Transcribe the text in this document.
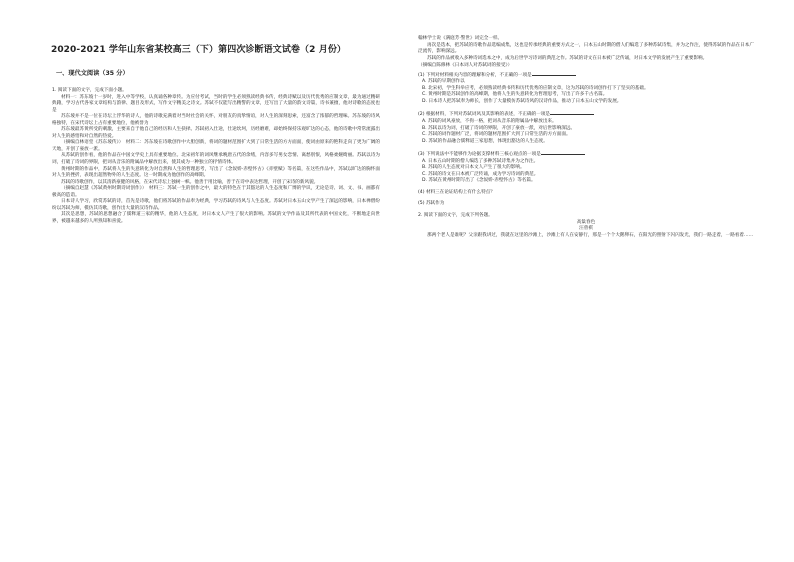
2020-2021 学年山东省某校高三（下）第四次诊断语文试卷（2 月份）
一、现代文阅读（35 分）

1. 阅读下面的文字，完成下面小题。

材料一：苏东坡十一岁时，进入中等学校，认真诵各种章传。为应付考试，当时的学生必须熟读经典书传，经典诗赋以及历代优秀的应制文章，最为通过精研典籍，学习古代各家文章结构与韵律、题目及形式，写作文字精美之诗文。苏轼不仅能写出精警的文章，还写出了大量的韵文诗篇，诗书兼擅，他对诗歌的态度也是

苏东坡并不是一位在诗坛上浮华的诗人，他的诗歌充满着对当时社会的关怀，对朋友的真挚情谊，对人生的深刻思索，还富含了浓郁的哲理味。苏东坡的诗风格独特，在宋代诗坛上占有重要地位，他被誉为

苏东坡最苏黄所受的刺激，主要来自于他自己的经历和人生抉择。苏轼初入仕途，仕途坎坷，历经磨难，却始终保持乐观旷达的心态，他的诗歌中常常流露出对人生的感悟和对自然的热爱。

（摘编自林语堂《苏东坡传》）　材料二：苏东坡在诗歌创作中大胆创新，将词的题材范围扩大到了日常生活的方方面面，使词由原来的艳科走向了更为广阔的天地，开创了豪放一派。

从苏轼的创作看，他的作品在中国文学史上具有重要地位。北宋初年的词风继承晚唐五代的余绪，内容多写男女恋情、离愁别恨，风格柔婉绮丽。苏轼以诗为词，打破了诗词的界限，把词从音乐的附属品中解放出来，使其成为一种独立的抒情诗体。

黄州时期的作品中，苏轼将人生的失意转化为对自然和人生的哲理思考，写出了《念奴娇·赤壁怀古》《赤壁赋》等名篇，在这些作品中，苏轼以旷达的胸怀面对人生的挫折，表现出超然物外的人生态度。这一时期成为他创作的高峰期。

苏轼的诗歌创作，以其清新豪健的风格，在宋代诗坛上独树一帜。他善于用比喻，善于在诗中表达哲理，开创了宋诗的新风貌。

（摘编自赵慧《苏轼黄州时期诗词创作》）　材料三：苏轼一生的创作之中，最大的特色在于其豁达的人生态度和广博的学识，无论是诗、词、文、书、画都有极高的造诣。

日本诗人学习，欣赏苏轼的诗，首先是诗歌，他们将苏轼的作品奉为经典，学习苏轼的诗风与人生态度。苏轼对日本五山文学产生了深远的影响，日本禅僧纷纷以苏轼为师，模仿其诗歌，创作出大量的汉诗作品。

其次是思想，苏轼的思想融合了儒释道三家的精华，他的人生态度，对日本文人产生了很大的影响。苏轼的文学作品及其所代表的中国文化，不断地走向世界，被越来越多的人所熟知和喜爱。

翰林学士说《满庭芳·警世》词完全一样。

再次是选本，把苏轼的诗歌作品选编成集，这也是传承经典的重要方式之一，日本五山时期的僧人们编选了多种苏轼诗集，并为之作注，使得苏轼的作品在日本广泛流传，影响深远。

苏轼的作品被收入多种诗词选本之中，成为后世学习诗词的典范之作。苏轼的诗文在日本被广泛传诵，对日本文学的发展产生了重要影响。

（摘编自陈修林《日本词人对苏轼词的接受》）

(1) 下列对材料相关内容的理解和分析，不正确的一项是

A. 苏轼的早期创作以

B. 北宋初，学生科举应考，必须熟读经典书传和历代优秀的应制文章，这为苏轼的诗词创作打下了坚实的基础。

C. 黄州时期是苏轼创作的高峰期，他将人生的失意转化为哲理思考，写出了许多千古名篇。

D. 日本诗人把苏轼奉为师长，创作了大量模仿苏轼诗风的汉诗作品，推动了日本五山文学的发展。

(2) 根据材料，下列对苏轼词风及其影响的表述，不正确的一项是

A. 苏轼的词风豪放，不拘一格，把词从音乐的附属品中解放出来。

B. 苏轼以诗为词，打破了诗词的界限，开创了豪放一派，对后世影响深远。

C. 苏轼的词作题材广泛，将词的题材范围扩大到了日常生活的方方面面。

D. 苏轼的作品融合儒释道三家思想，体现出豁达的人生态度。

(3) 下列说法中不能够作为论据支撑材料三核心观点的一项是

A. 日本五山时期的僧人编选了多种苏轼诗集并为之作注。

B. 苏轼的人生态度对日本文人产生了很大的影响。

C. 苏轼的诗文在日本被广泛传诵，成为学习诗词的典范。

D. 苏轼在黄州时期写出了《念奴娇·赤壁怀古》等名篇。

(4) 材料三在论证结构上有什么特点？

(5) 苏轼作为

2. 阅读下面的文字，完成下列各题。

高粱春色

汪曾祺

那两个老人是谁呢？父亲跟我讲过，我就在这里的沙滩上，沙滩上有人在安静行，那是一个个大鹅卵石，在阳光的照射下闪闪发光，我们一路走着，一路看着……
